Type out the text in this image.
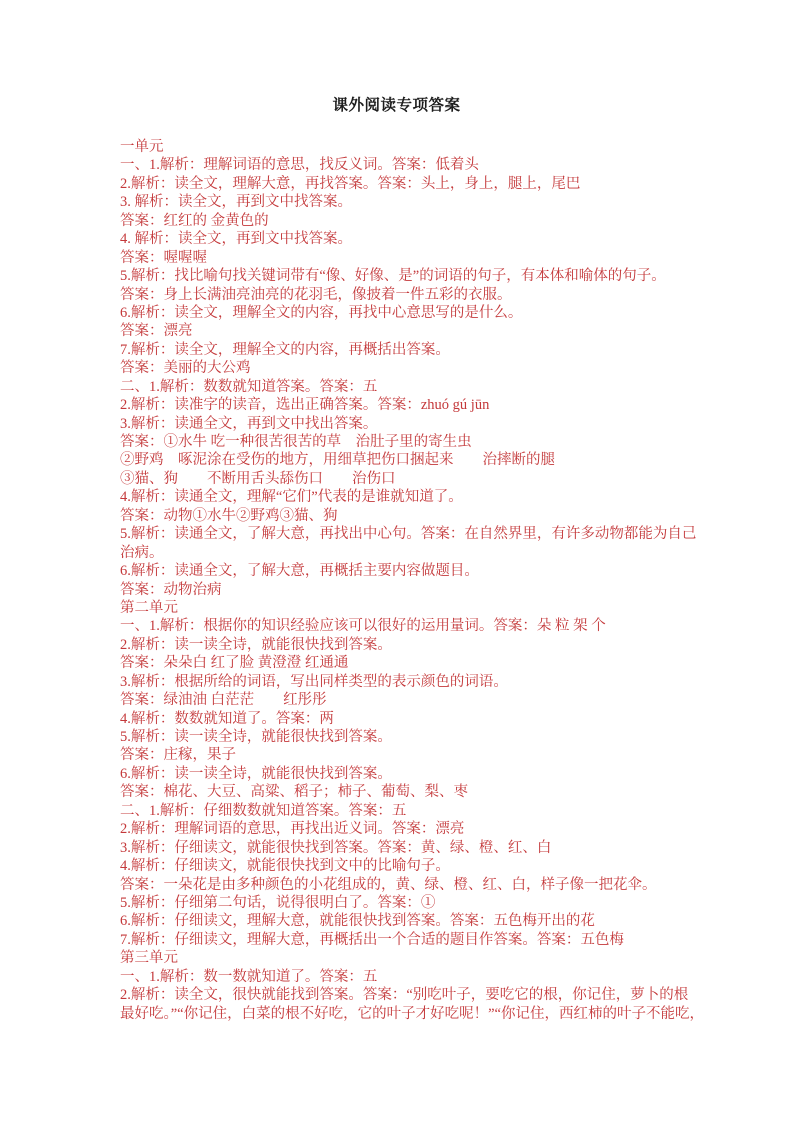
课外阅读专项答案
一单元
一、1.解析：理解词语的意思，找反义词。答案：低着头
2.解析：读全文，理解大意，再找答案。答案：头上，身上，腿上，尾巴
3. 解析：读全文，再到文中找答案。
答案：红红的 金黄色的
4. 解析：读全文，再到文中找答案。
答案：喔喔喔
5.解析：找比喻句找关键词带有“像、好像、是”的词语的句子，有本体和喻体的句子。
答案：身上长满油亮油亮的花羽毛，像披着一件五彩的衣服。
6.解析：读全文，理解全文的内容，再找中心意思写的是什么。
答案：漂亮
7.解析：读全文，理解全文的内容，再概括出答案。
答案：美丽的大公鸡
二、1.解析：数数就知道答案。答案：五
2.解析：读准字的读音，选出正确答案。答案：zhuó gú jūn
3.解析：读通全文，再到文中找出答案。
答案：①水牛 吃一种很苦很苦的草　治肚子里的寄生虫
②野鸡　啄泥涂在受伤的地方，用细草把伤口捆起来　　治摔断的腿
③猫、狗　　不断用舌头舔伤口　　治伤口
4.解析：读通全文，理解“它们”代表的是谁就知道了。
答案：动物①水牛②野鸡③猫、狗
5.解析：读通全文，了解大意，再找出中心句。答案：在自然界里，有许多动物都能为自己
治病。
6.解析：读通全文，了解大意，再概括主要内容做题目。
答案：动物治病
第二单元
一、1.解析：根据你的知识经验应该可以很好的运用量词。答案：朵 粒 架 个
2.解析：读一读全诗，就能很快找到答案。
答案：朵朵白 红了脸 黄澄澄 红通通
3.解析：根据所给的词语，写出同样类型的表示颜色的词语。
答案：绿油油 白茫茫　　红彤彤
4.解析：数数就知道了。答案：两
5.解析：读一读全诗，就能很快找到答案。
答案：庄稼，果子
6.解析：读一读全诗，就能很快找到答案。
答案：棉花、大豆、高粱、稻子；柿子、葡萄、梨、枣
二、1.解析：仔细数数就知道答案。答案：五
2.解析：理解词语的意思，再找出近义词。答案：漂亮
3.解析：仔细读文，就能很快找到答案。答案：黄、绿、橙、红、白
4.解析：仔细读文，就能很快找到文中的比喻句子。
答案：一朵花是由多种颜色的小花组成的，黄、绿、橙、红、白，样子像一把花伞。
5.解析：仔细第二句话，说得很明白了。答案：①
6.解析：仔细读文，理解大意，就能很快找到答案。答案：五色梅开出的花
7.解析：仔细读文，理解大意，再概括出一个合适的题目作答案。答案：五色梅
第三单元
一、1.解析：数一数就知道了。答案：五
2.解析：读全文，很快就能找到答案。答案：“别吃叶子，要吃它的根，你记住，萝卜的根
最好吃。”“你记住，白菜的根不好吃，它的叶子才好吃呢！”“你记住，西红柿的叶子不能吃，
